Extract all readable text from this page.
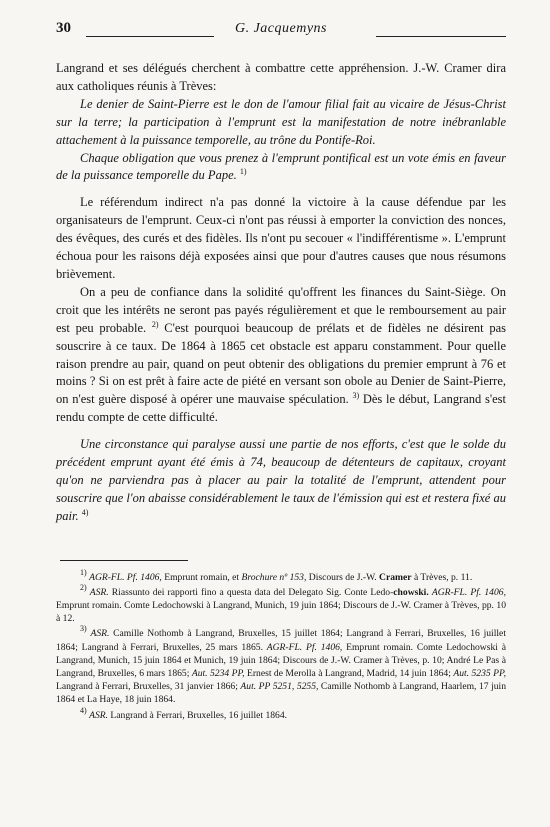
30	G. Jacquemyns

Langrand et ses délégués cherchent à combattre cette appréhension. J.-W. Cramer dira aux catholiques réunis à Trèves:

Le denier de Saint-Pierre est le don de l'amour filial fait au vicaire de Jésus-Christ sur la terre; la participation à l'emprunt est la manifestation de notre inébranlable attachement à la puissance temporelle, au trône du Pontife-Roi.

Chaque obligation que vous prenez à l'emprunt pontifical est un vote émis en faveur de la puissance temporelle du Pape. $^{1)}$

Le référendum indirect n'a pas donné la victoire à la cause défendue par les organisateurs de l'emprunt. Ceux-ci n'ont pas réussi à emporter la conviction des nonces, des évêques, des curés et des fidèles. Ils n'ont pu secouer « l'indifférentisme ». L'emprunt échoua pour les raisons déjà exposées ainsi que pour d'autres causes que nous résumons brièvement.

On a peu de confiance dans la solidité qu'offrent les finances du Saint-Siège. On croit que les intérêts ne seront pas payés régulièrement et que le remboursement au pair est peu probable. $^{2)}$ C'est pourquoi beaucoup de prélats et de fidèles ne désirent pas souscrire à ce taux. De 1864 à 1865 cet obstacle est apparu constamment. Pour quelle raison prendre au pair, quand on peut obtenir des obligations du premier emprunt à 76 et moins ? Si on est prêt à faire acte de piété en versant son obole au Denier de Saint-Pierre, on n'est guère disposé à opérer une mauvaise spéculation. $^{3)}$ Dès le début, Langrand s'est rendu compte de cette difficulté.

Une circonstance qui paralyse aussi une partie de nos efforts, c'est que le solde du précédent emprunt ayant été émis à 74, beaucoup de détenteurs de capitaux, croyant qu'on ne parviendra pas à placer au pair la totalité de l'emprunt, attendent pour souscrire que l'on abaisse considérablement le taux de l'émission qui est et restera fixé au pair. $^{4)}$

$^{1)}$ AGR-FL. Pf. 1406, Emprunt romain, et Brochure nº 153, Discours de J.-W. Cramer à Trèves, p. 11.

$^{2)}$ ASR. Riassunto dei rapporti fino a questa data del Delegato Sig. Conte Ledo-chowski. AGR-FL. Pf. 1406, Emprunt romain. Comte Ledochowski à Langrand, Munich, 19 juin 1864; Discours de J.-W. Cramer à Trèves, pp. 10 à 12.

$^{3)}$ ASR. Camille Nothomb à Langrand, Bruxelles, 15 juillet 1864; Langrand à Ferrari, Bruxelles, 16 juillet 1864; Langrand à Ferrari, Bruxelles, 25 mars 1865. AGR-FL. Pf. 1406, Emprunt romain. Comte Ledochowski à Langrand, Munich, 15 juin 1864 et Munich, 19 juin 1864; Discours de J.-W. Cramer à Trèves, p. 10; André Le Pas à Langrand, Bruxelles, 6 mars 1865; Aut. 5234 PP, Ernest de Merolla à Langrand, Madrid, 14 juin 1864; Aut. 5235 PP, Langrand à Ferrari, Bruxelles, 31 janvier 1866; Aut. PP 5251, 5255, Camille Nothomb à Langrand, Haarlem, 17 juin 1864 et La Haye, 18 juin 1864.

$^{4)}$ ASR. Langrand à Ferrari, Bruxelles, 16 juillet 1864.
